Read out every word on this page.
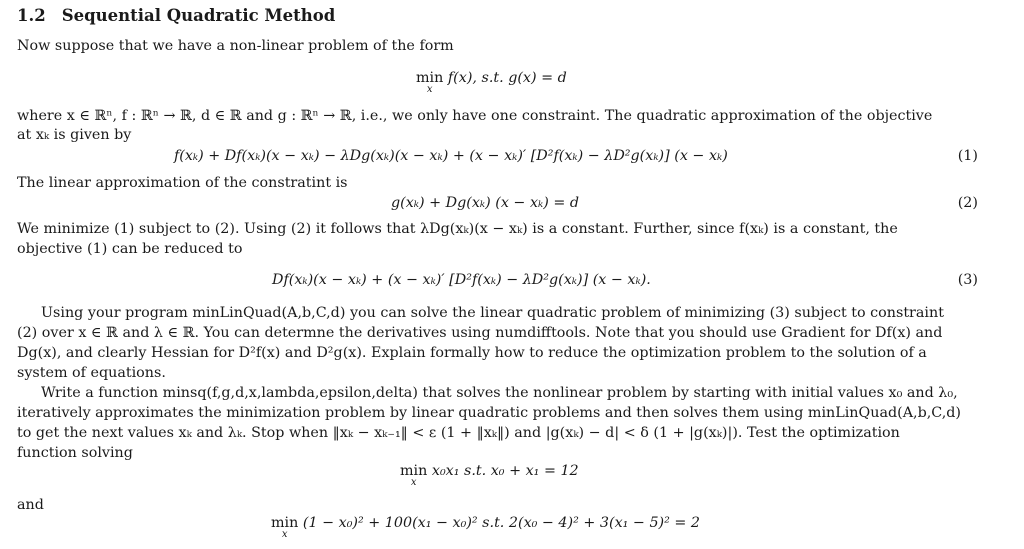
1.2 Sequential Quadratic Method
Now suppose that we have a non-linear problem of the form
min
x
f(x), s.t. g(x) = d
where x ∈ ℝⁿ, f : ℝⁿ → ℝ, d ∈ ℝ and g : ℝⁿ → ℝ, i.e., we only have one constraint. The quadratic approximation of the objective
at xₖ is given by
f(xₖ) + Df(xₖ)(x − xₖ) − λDg(xₖ)(x − xₖ) + (x − xₖ)′ [D²f(xₖ) − λD²g(xₖ)] (x − xₖ)	(1)
The linear approximation of the constratint is
g(xₖ) + Dg(xₖ) (x − xₖ) = d	(2)
We minimize (1) subject to (2). Using (2) it follows that λDg(xₖ)(x − xₖ) is a constant. Further, since f(xₖ) is a constant, the
objective (1) can be reduced to
Df(xₖ)(x − xₖ) + (x − xₖ)′ [D²f(xₖ) − λD²g(xₖ)] (x − xₖ).	(3)
Using your program minLinQuad(A,b,C,d) you can solve the linear quadratic problem of minimizing (3) subject to constraint
(2) over x ∈ ℝ and λ ∈ ℝ. You can determne the derivatives using numdifftools. Note that you should use Gradient for Df(x) and
Dg(x), and clearly Hessian for D²f(x) and D²g(x). Explain formally how to reduce the optimization problem to the solution of a
system of equations.
Write a function minsq(f,g,d,x,lambda,epsilon,delta) that solves the nonlinear problem by starting with initial values x₀ and λ₀,
iteratively approximates the minimization problem by linear quadratic problems and then solves them using minLinQuad(A,b,C,d)
to get the next values xₖ and λₖ. Stop when ‖xₖ − xₖ₋₁‖ < ε (1 + ‖xₖ‖) and |g(xₖ) − d| < δ (1 + |g(xₖ)|). Test the optimization
function solving
min
x
x₀x₁ s.t. x₀ + x₁ = 12
and
min
x
(1 − x₀)² + 100(x₁ − x₀)² s.t. 2(x₀ − 4)² + 3(x₁ − 5)² = 2
